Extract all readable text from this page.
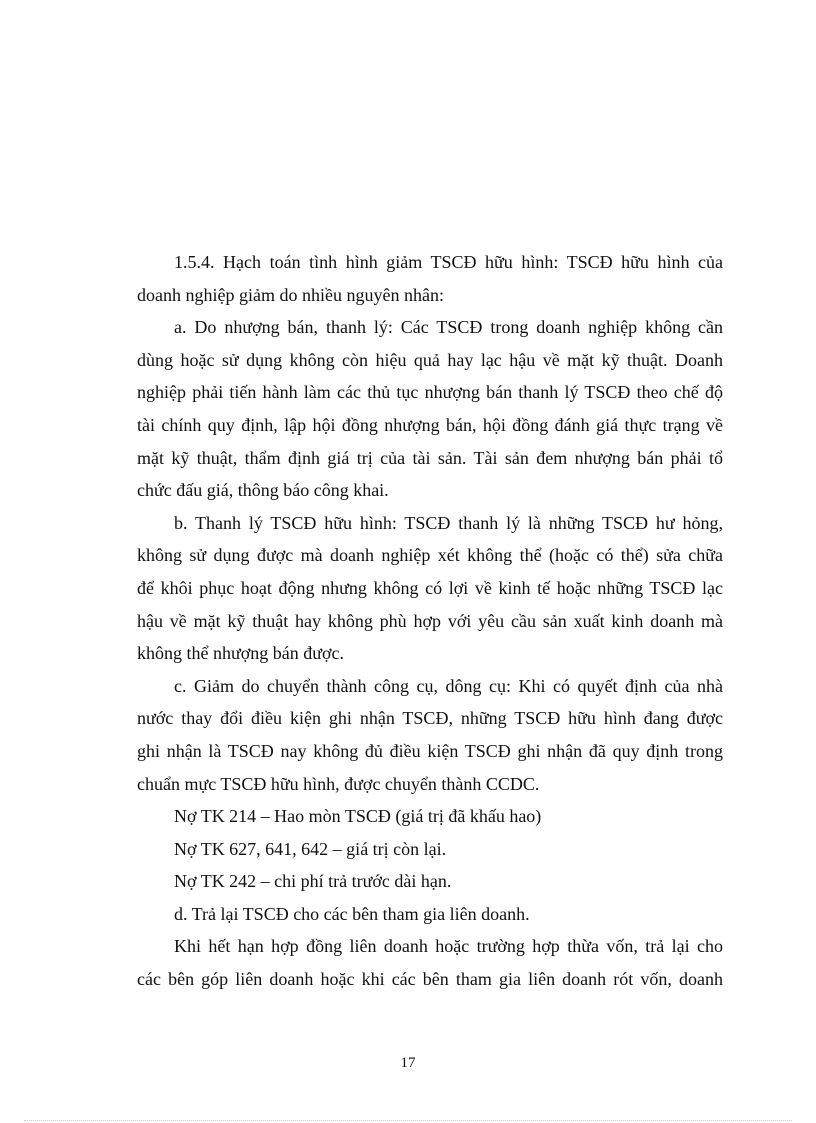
1.5.4. Hạch toán tình hình giảm TSCĐ hữu hình: TSCĐ hữu hình của
doanh nghiệp giảm do nhiều nguyên nhân:
a. Do nhượng bán, thanh lý: Các TSCĐ trong doanh nghiệp không cần
dùng hoặc sử dụng không còn hiệu quả hay lạc hậu về mặt kỹ thuật. Doanh
nghiệp phải tiến hành làm các thủ tục nhượng bán thanh lý TSCĐ theo chế độ
tài chính quy định, lập hội đồng nhượng bán, hội đồng đánh giá thực trạng về
mặt kỹ thuật, thẩm định giá trị của tài sản. Tài sản đem nhượng bán phải tổ
chức đấu giá, thông báo công khai.
b. Thanh lý TSCĐ hữu hình: TSCĐ thanh lý là những TSCĐ hư hỏng,
không sử dụng được mà doanh nghiệp xét không thể (hoặc có thể) sửa chữa
để khôi phục hoạt động nhưng không có lợi về kinh tế hoặc những TSCĐ lạc
hậu về mặt kỹ thuật hay không phù hợp với yêu cầu sản xuất kinh doanh mà
không thể nhượng bán được.
c. Giảm do chuyển thành công cụ, dông cụ: Khi có quyết định của nhà
nước thay đổi điều kiện ghi nhận TSCĐ, những TSCĐ hữu hình đang được
ghi nhận là TSCĐ nay không đủ điều kiện TSCĐ ghi nhận đã quy định trong
chuẩn mực TSCĐ hữu hình, được chuyển thành CCDC.
Nợ TK 214 – Hao mòn TSCĐ (giá trị đã khấu hao)
Nợ TK 627, 641, 642 – giá trị còn lại.
Nợ TK 242 – chi phí trả trước dài hạn.
d. Trả lại TSCĐ cho các bên tham gia liên doanh.
Khi hết hạn hợp đồng liên doanh hoặc trường hợp thừa vốn, trả lại cho
các bên góp liên doanh hoặc khi các bên tham gia liên doanh rót vốn, doanh
17
